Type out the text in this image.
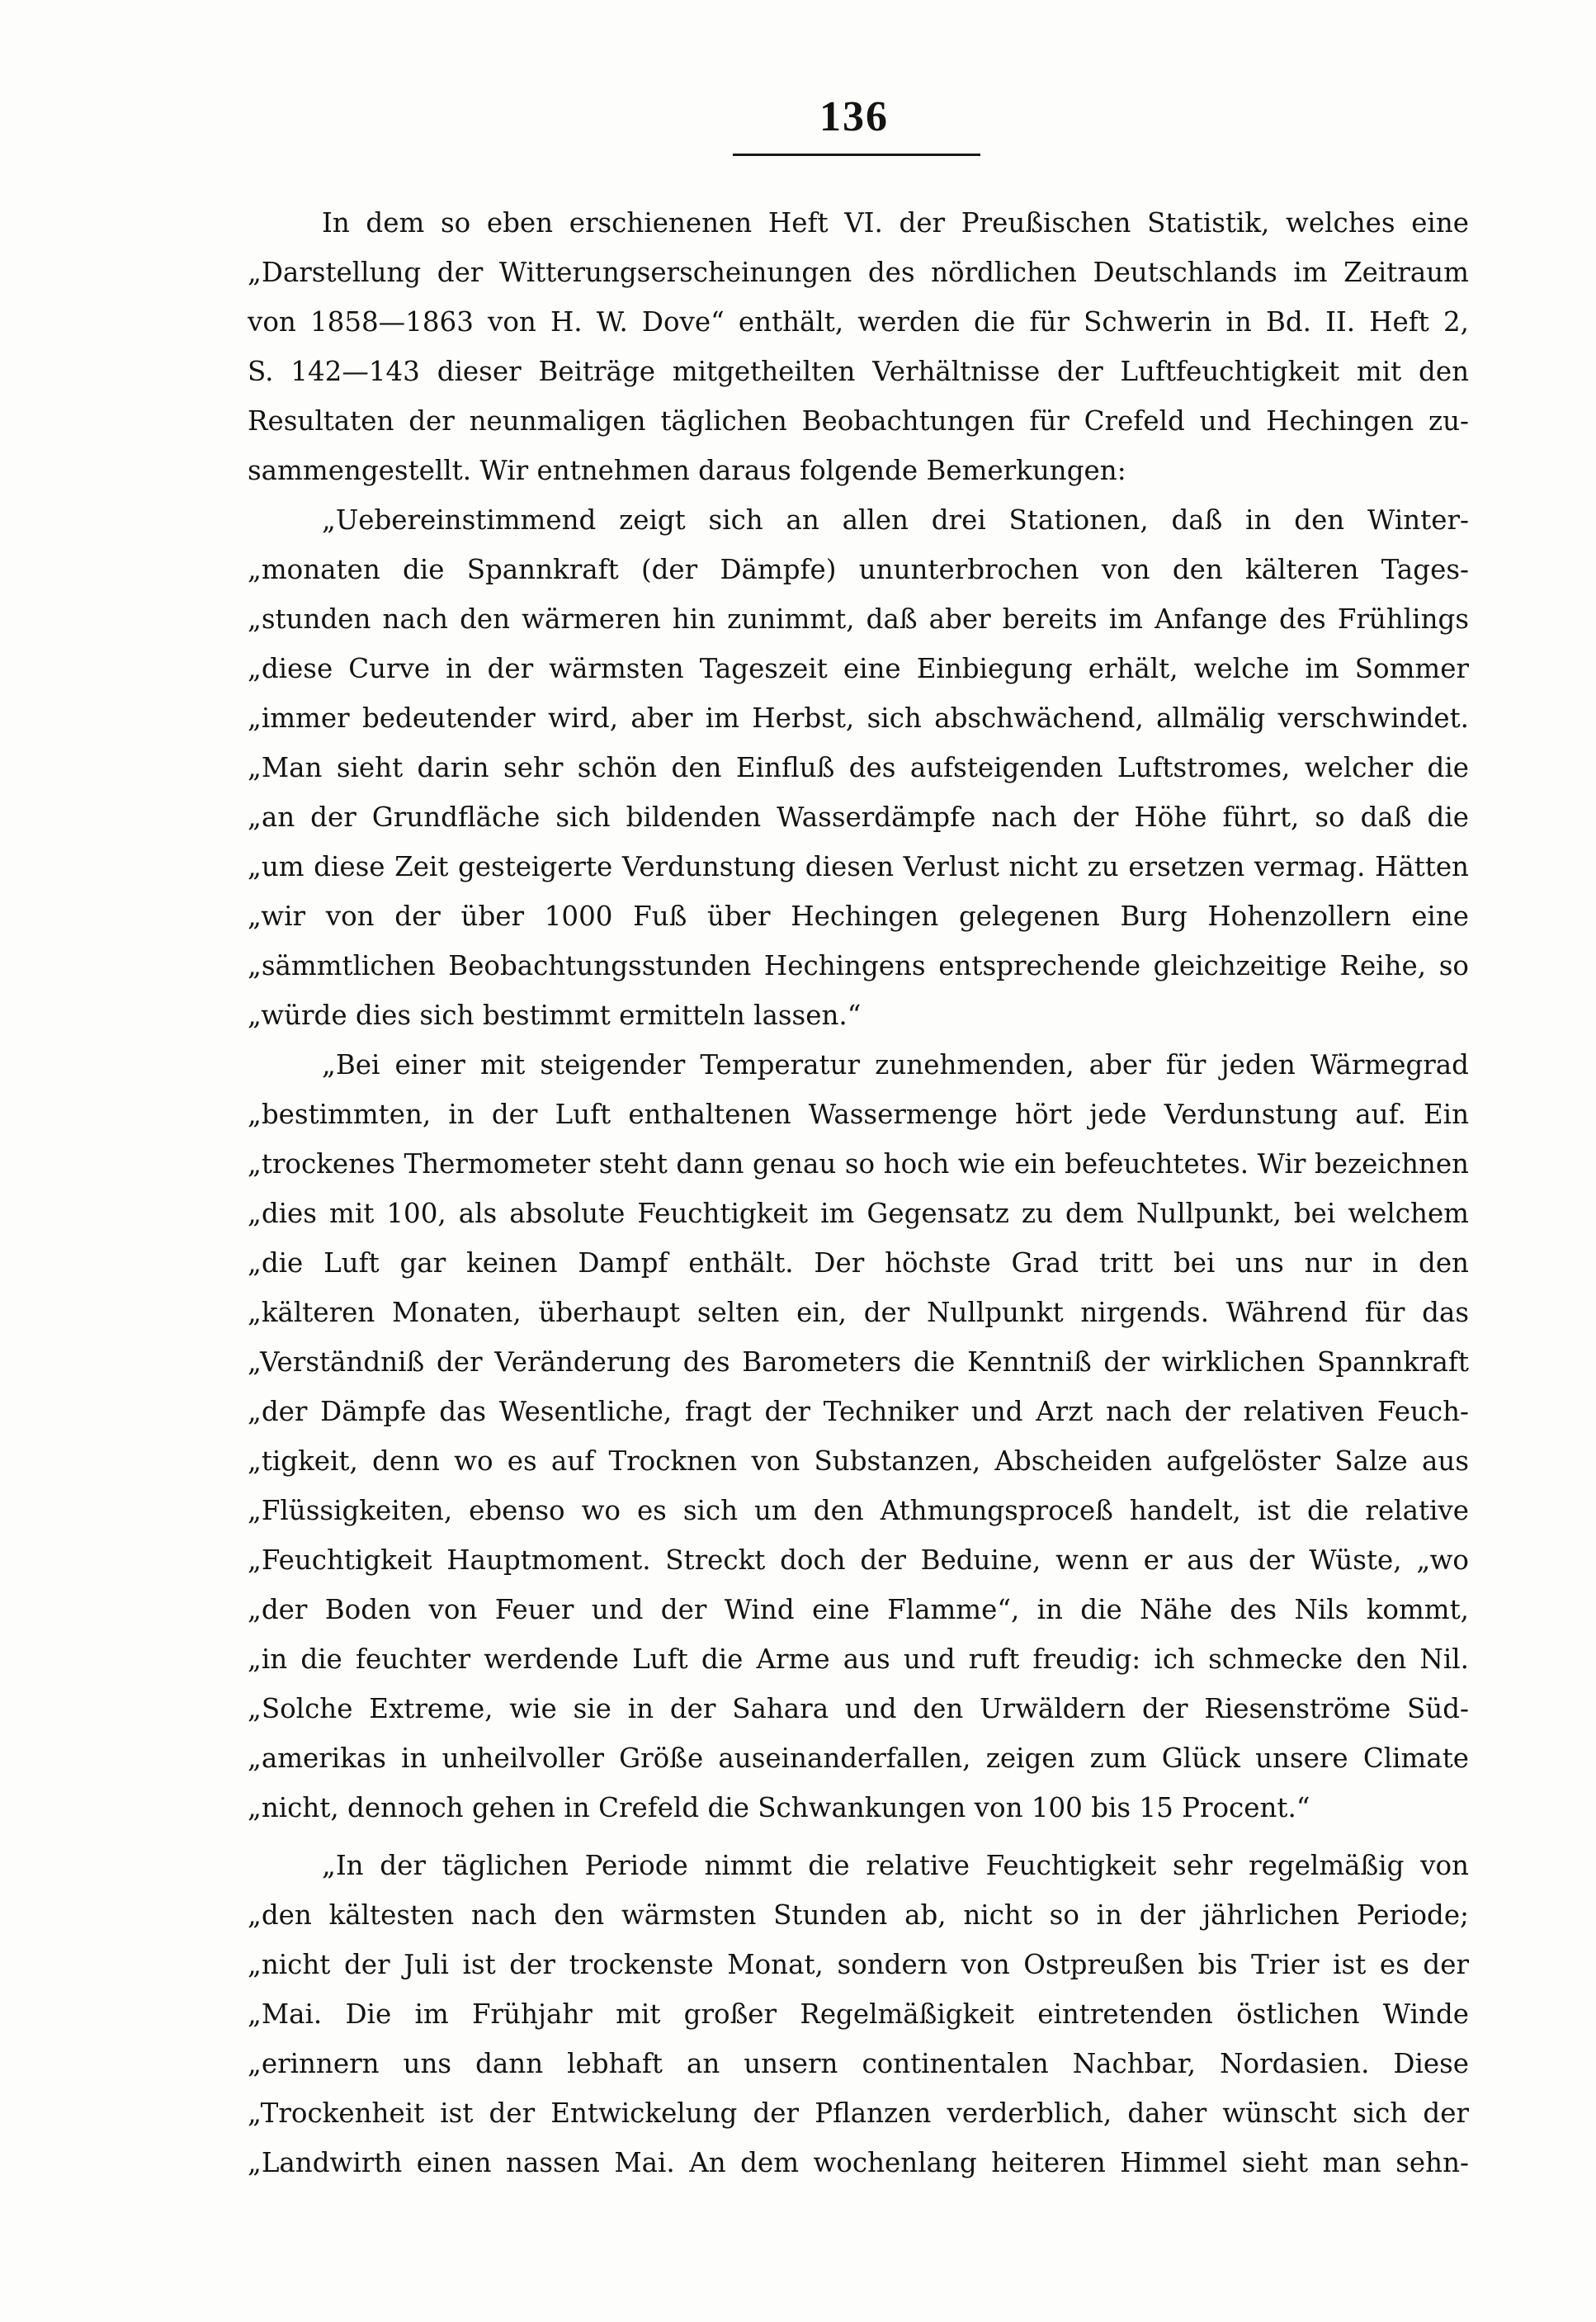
136
In dem so eben erschienenen Heft VI. der Preußischen Statistik, welches eine
„Darstellung der Witterungserscheinungen des nördlichen Deutschlands im Zeitraum
von 1858—1863 von H. W. Dove“ enthält, werden die für Schwerin in Bd. II. Heft 2,
S. 142—143 dieser Beiträge mitgetheilten Verhältnisse der Luftfeuchtigkeit mit den
Resultaten der neunmaligen täglichen Beobachtungen für Crefeld und Hechingen zu-
sammengestellt. Wir entnehmen daraus folgende Bemerkungen:
„Uebereinstimmend zeigt sich an allen drei Stationen, daß in den Winter-
„monaten die Spannkraft (der Dämpfe) ununterbrochen von den kälteren Tages-
„stunden nach den wärmeren hin zunimmt, daß aber bereits im Anfange des Frühlings
„diese Curve in der wärmsten Tageszeit eine Einbiegung erhält, welche im Sommer
„immer bedeutender wird, aber im Herbst, sich abschwächend, allmälig verschwindet.
„Man sieht darin sehr schön den Einfluß des aufsteigenden Luftstromes, welcher die
„an der Grundfläche sich bildenden Wasserdämpfe nach der Höhe führt, so daß die
„um diese Zeit gesteigerte Verdunstung diesen Verlust nicht zu ersetzen vermag. Hätten
„wir von der über 1000 Fuß über Hechingen gelegenen Burg Hohenzollern eine
„sämmtlichen Beobachtungsstunden Hechingens entsprechende gleichzeitige Reihe, so
„würde dies sich bestimmt ermitteln lassen.“
„Bei einer mit steigender Temperatur zunehmenden, aber für jeden Wärmegrad
„bestimmten, in der Luft enthaltenen Wassermenge hört jede Verdunstung auf. Ein
„trockenes Thermometer steht dann genau so hoch wie ein befeuchtetes. Wir bezeichnen
„dies mit 100, als absolute Feuchtigkeit im Gegensatz zu dem Nullpunkt, bei welchem
„die Luft gar keinen Dampf enthält. Der höchste Grad tritt bei uns nur in den
„kälteren Monaten, überhaupt selten ein, der Nullpunkt nirgends. Während für das
„Verständniß der Veränderung des Barometers die Kenntniß der wirklichen Spannkraft
„der Dämpfe das Wesentliche, fragt der Techniker und Arzt nach der relativen Feuch-
„tigkeit, denn wo es auf Trocknen von Substanzen, Abscheiden aufgelöster Salze aus
„Flüssigkeiten, ebenso wo es sich um den Athmungsproceß handelt, ist die relative
„Feuchtigkeit Hauptmoment. Streckt doch der Beduine, wenn er aus der Wüste, „wo
„der Boden von Feuer und der Wind eine Flamme“, in die Nähe des Nils kommt,
„in die feuchter werdende Luft die Arme aus und ruft freudig: ich schmecke den Nil.
„Solche Extreme, wie sie in der Sahara und den Urwäldern der Riesenströme Süd-
„amerikas in unheilvoller Größe auseinanderfallen, zeigen zum Glück unsere Climate
„nicht, dennoch gehen in Crefeld die Schwankungen von 100 bis 15 Procent.“
„In der täglichen Periode nimmt die relative Feuchtigkeit sehr regelmäßig von
„den kältesten nach den wärmsten Stunden ab, nicht so in der jährlichen Periode;
„nicht der Juli ist der trockenste Monat, sondern von Ostpreußen bis Trier ist es der
„Mai. Die im Frühjahr mit großer Regelmäßigkeit eintretenden östlichen Winde
„erinnern uns dann lebhaft an unsern continentalen Nachbar, Nordasien. Diese
„Trockenheit ist der Entwickelung der Pflanzen verderblich, daher wünscht sich der
„Landwirth einen nassen Mai. An dem wochenlang heiteren Himmel sieht man sehn-
